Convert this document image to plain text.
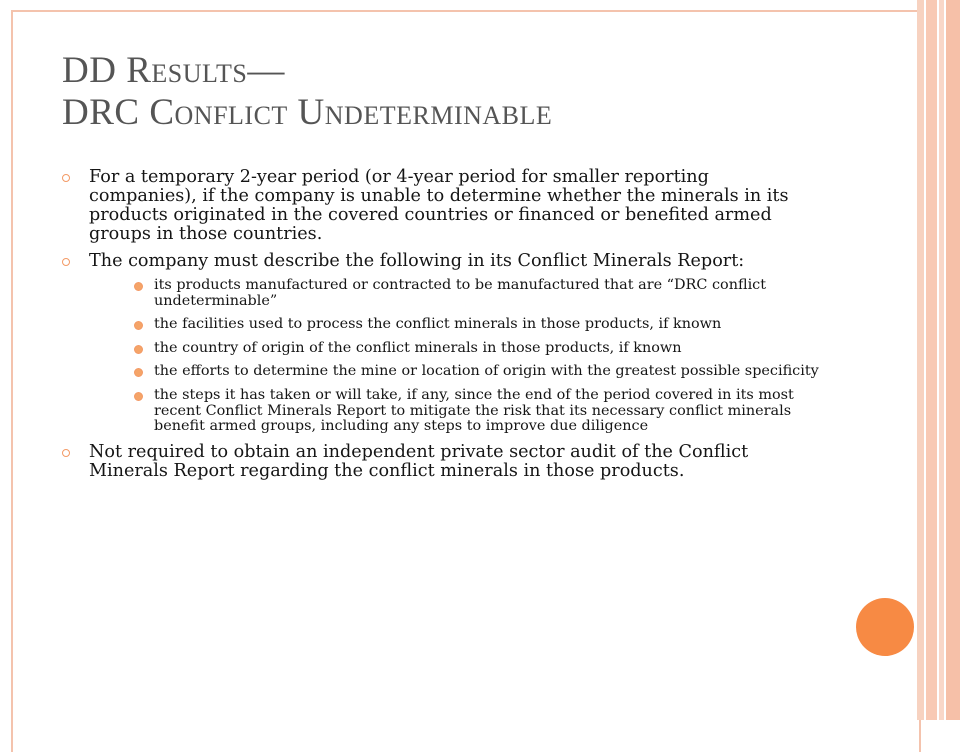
DD Results—
DRC Conflict Undeterminable
For a temporary 2-year period (or 4-year period for smaller reporting companies), if the company is unable to determine whether the minerals in its products originated in the covered countries or financed or benefited armed groups in those countries.
The company must describe the following in its Conflict Minerals Report:
its products manufactured or contracted to be manufactured that are “DRC conflict undeterminable”
the facilities used to process the conflict minerals in those products, if known
the country of origin of the conflict minerals in those products, if known
the efforts to determine the mine or location of origin with the greatest possible specificity
the steps it has taken or will take, if any, since the end of the period covered in its most recent Conflict Minerals Report to mitigate the risk that its necessary conflict minerals benefit armed groups, including any steps to improve due diligence
Not required to obtain an independent private sector audit of the Conflict Minerals Report regarding the conflict minerals in those products.
